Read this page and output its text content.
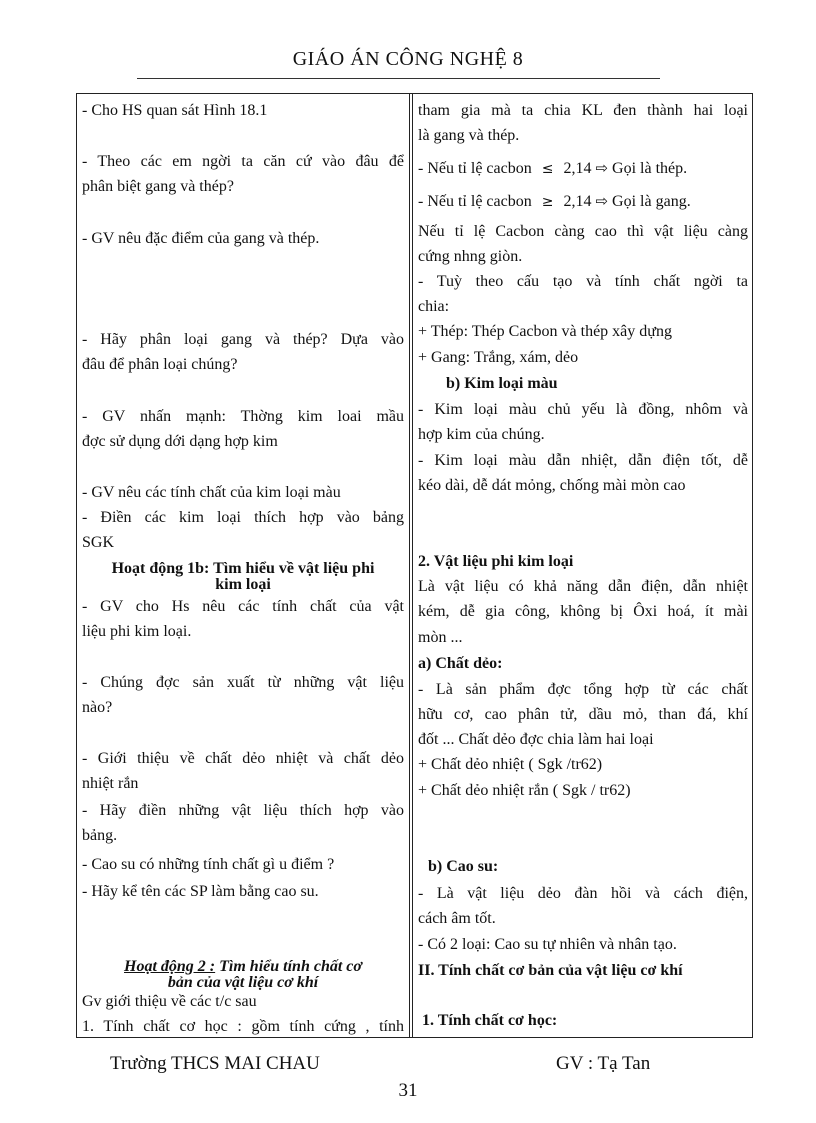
GIÁO ÁN CÔNG NGHỆ 8
- Cho HS quan sát Hình 18.1
- Theo các em ngời ta căn cứ vào đâu để
phân biệt gang và thép?
- GV nêu đặc điểm của gang và thép.
- Hãy phân loại gang và thép? Dựa vào
đâu để phân loại chúng?
- GV nhấn mạnh: Thờng kim loai mầu
đợc sử dụng dới dạng hợp kim
- GV nêu các tính chất của kim loại màu
- Điền các kim loại thích hợp vào bảng
SGK
Hoạt động 1b: Tìm hiểu về vật liệu phi
kim loại
- GV cho Hs nêu các tính chất của vật
liệu phi kim loại.
- Chúng đợc sản xuất từ những vật liệu
nào?
- Giới thiệu về chất dẻo nhiệt và chất dẻo
nhiệt rắn
- Hãy điền những vật liệu thích hợp vào
bảng.
- Cao su có những tính chất gì u điểm ?
- Hãy kể tên các SP làm bằng cao su.
Hoạt động 2 : Tìm hiểu tính chất cơ
bản của vật liệu cơ khí
Gv giới thiệu về các t/c sau
1. Tính chất cơ học : gồm tính cứng , tính
tham gia mà ta chia KL đen thành hai loại
là gang và thép.
- Nếu tỉ lệ cacbon ≤ 2,14 ⇨ Gọi là thép.
- Nếu tỉ lệ cacbon ≥ 2,14 ⇨ Gọi là gang.
Nếu tỉ lệ Cacbon càng cao thì vật liệu càng
cứng nhng giòn.
- Tuỳ theo cấu tạo và tính chất ngời ta
chia:
+ Thép: Thép Cacbon và thép xây dựng
+ Gang: Trắng, xám, dẻo
b) Kim loại màu
- Kim loại màu chủ yếu là đồng, nhôm và
hợp kim của chúng.
- Kim loại màu dẫn nhiệt, dẫn điện tốt, dễ
kéo dài, dễ dát mỏng, chống mài mòn cao
2. Vật liệu phi kim loại
Là vật liệu có khả năng dẫn điện, dẫn nhiệt
kém, dễ gia công, không bị Ôxi hoá, ít mài
mòn ...
a) Chất dẻo:
- Là sản phẩm đợc tổng hợp từ các chất
hữu cơ, cao phân tử, dầu mỏ, than đá, khí
đốt ... Chất dẻo đợc chia làm hai loại
+ Chất dẻo nhiệt ( Sgk /tr62)
+ Chất dẻo nhiệt rắn ( Sgk / tr62)
b) Cao su:
- Là vật liệu dẻo đàn hồi và cách điện,
cách âm tốt.
- Có 2 loại: Cao su tự nhiên và nhân tạo.
II. Tính chất cơ bản của vật liệu cơ khí
1. Tính chất cơ học:
Trường THCS MAI CHAU	GV : Tạ Tan
31
